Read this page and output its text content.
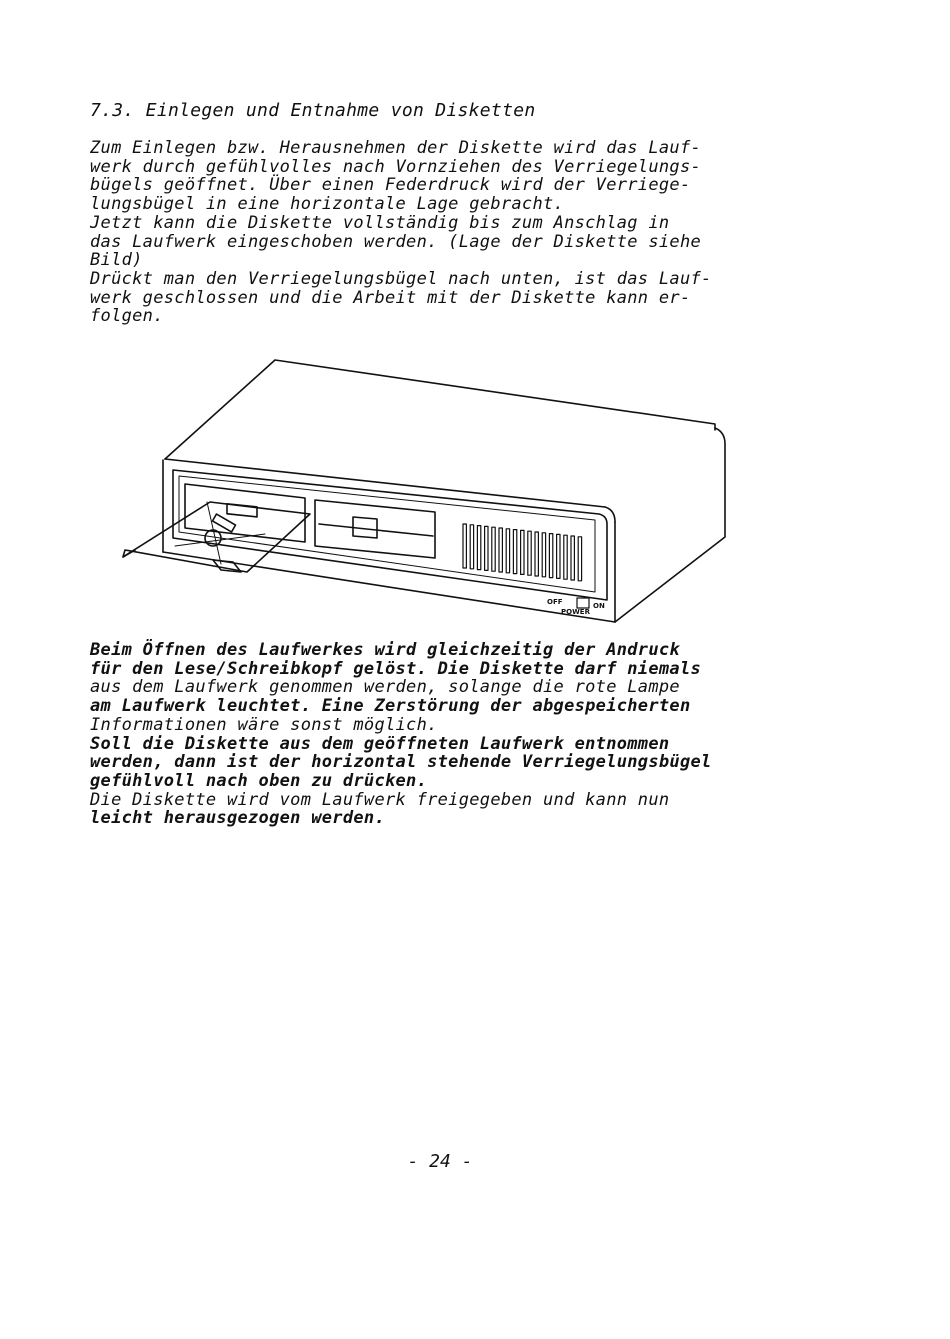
7.3. Einlegen und Entnahme von Disketten
Zum Einlegen bzw. Herausnehmen der Diskette wird das Lauf-
werk durch gefühlvolles nach Vornziehen des Verriegelungs-
bügels geöffnet. Über einen Federdruck wird der Verriege-
lungsbügel in eine horizontale Lage gebracht.
Jetzt kann die Diskette vollständig bis zum Anschlag in
das Laufwerk eingeschoben werden. (Lage der Diskette siehe
Bild)
Drückt man den Verriegelungsbügel nach unten, ist das Lauf-
werk geschlossen und die Arbeit mit der Diskette kann er-
folgen.
OFF
POWER
ON
Beim Öffnen des Laufwerkes wird gleichzeitig der Andruck
für den Lese/Schreibkopf gelöst. Die Diskette darf niemals
aus dem Laufwerk genommen werden, solange die rote Lampe
am Laufwerk leuchtet. Eine Zerstörung der abgespeicherten
Informationen wäre sonst möglich.
Soll die Diskette aus dem geöffneten Laufwerk entnommen
werden, dann ist der horizontal stehende Verriegelungsbügel
gefühlvoll nach oben zu drücken.
Die Diskette wird vom Laufwerk freigegeben und kann nun
leicht herausgezogen werden.
- 24 -
